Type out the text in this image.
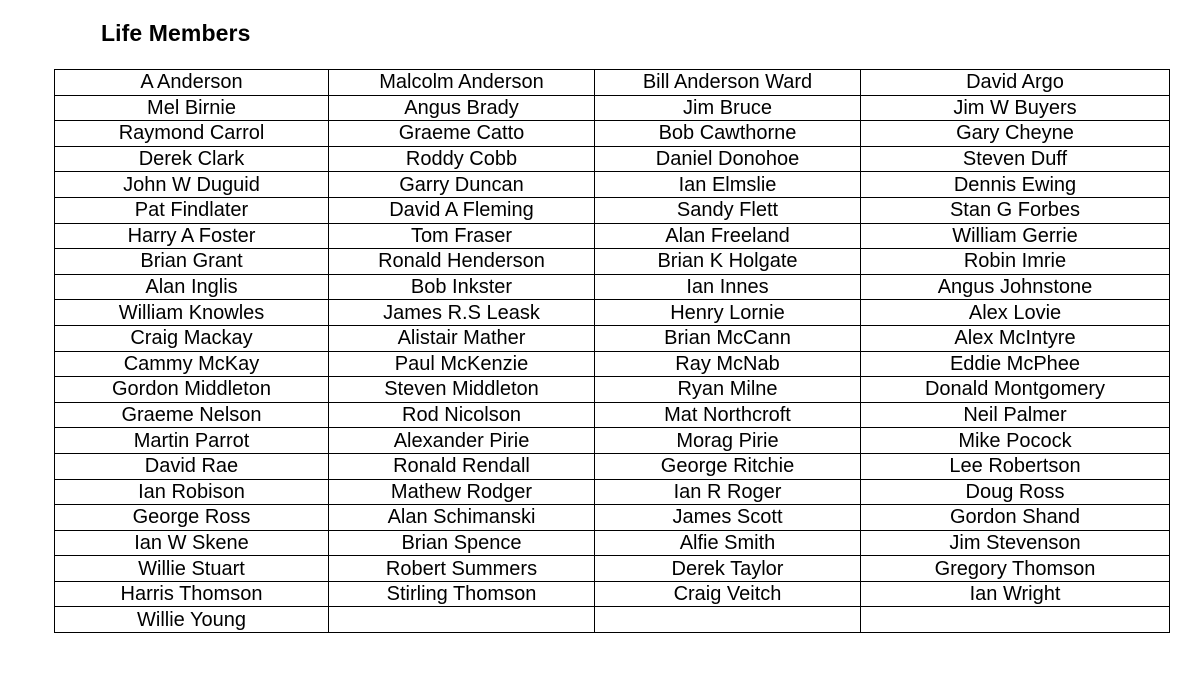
Life Members
A Anderson	Malcolm Anderson	Bill Anderson Ward	David Argo
Mel Birnie	Angus Brady	Jim Bruce	Jim W Buyers
Raymond Carrol	Graeme Catto	Bob Cawthorne	Gary Cheyne
Derek Clark	Roddy Cobb	Daniel Donohoe	Steven Duff
John W Duguid	Garry Duncan	Ian Elmslie	Dennis Ewing
Pat Findlater	David A Fleming	Sandy Flett	Stan G Forbes
Harry A Foster	Tom Fraser	Alan Freeland	William Gerrie
Brian Grant	Ronald Henderson	Brian K Holgate	Robin Imrie
Alan Inglis	Bob Inkster	Ian Innes	Angus Johnstone
William Knowles	James R.S Leask	Henry Lornie	Alex Lovie
Craig Mackay	Alistair Mather	Brian McCann	Alex McIntyre
Cammy McKay	Paul McKenzie	Ray McNab	Eddie McPhee
Gordon Middleton	Steven Middleton	Ryan Milne	Donald Montgomery
Graeme Nelson	Rod Nicolson	Mat Northcroft	Neil Palmer
Martin Parrot	Alexander Pirie	Morag Pirie	Mike Pocock
David Rae	Ronald Rendall	George Ritchie	Lee Robertson
Ian Robison	Mathew Rodger	Ian R Roger	Doug Ross
George Ross	Alan Schimanski	James Scott	Gordon Shand
Ian W Skene	Brian Spence	Alfie Smith	Jim Stevenson
Willie Stuart	Robert Summers	Derek Taylor	Gregory Thomson
Harris Thomson	Stirling Thomson	Craig Veitch	Ian Wright
Willie Young			
